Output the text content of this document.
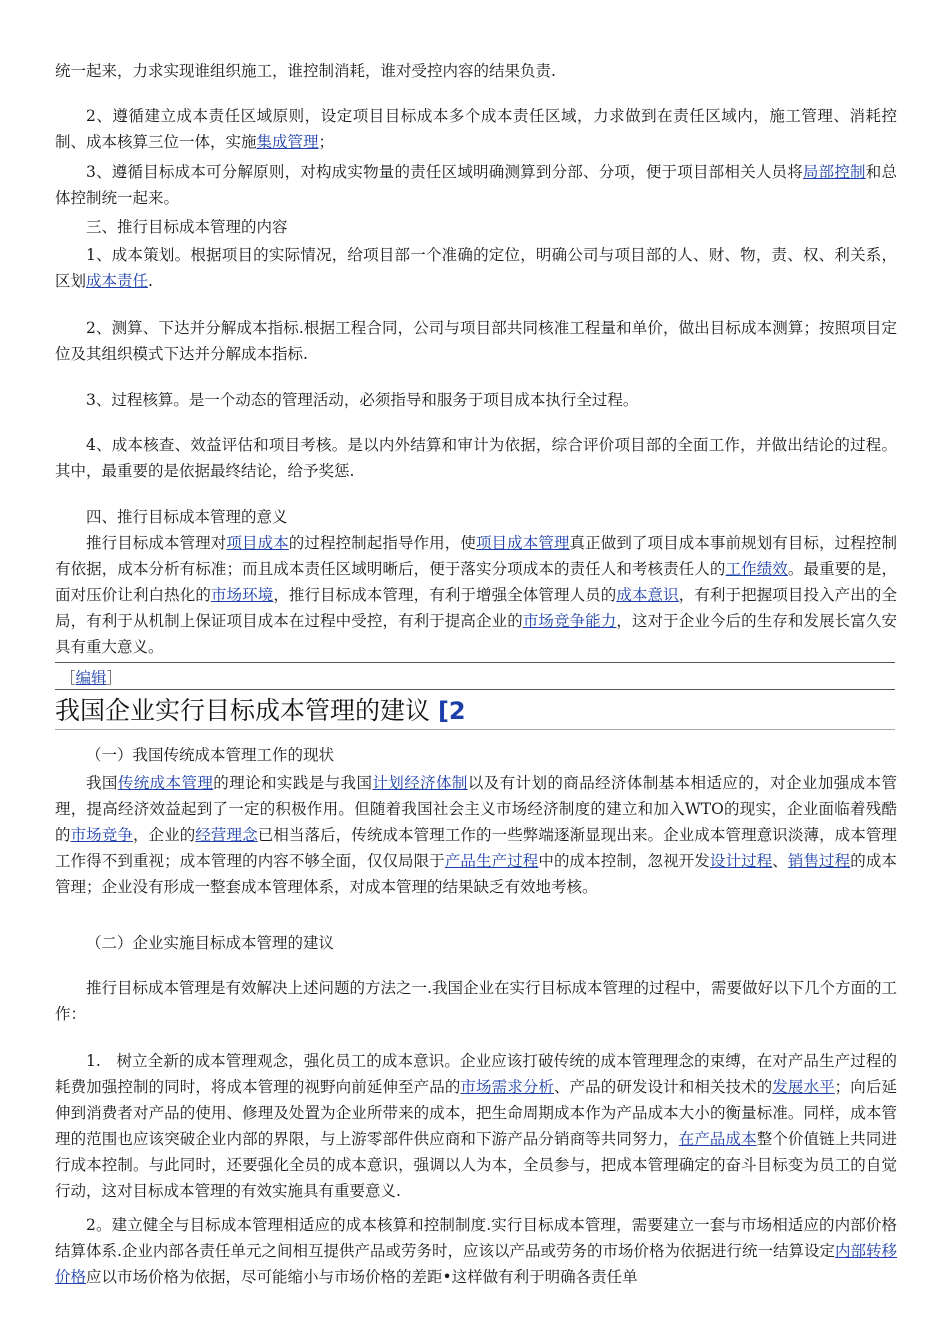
统一起来，力求实现谁组织施工，谁控制消耗，谁对受控内容的结果负责.

2、遵循建立成本责任区域原则，设定项目目标成本多个成本责任区域，力求做到在责任区域内，施工管理、消耗控制、成本核算三位一体，实施集成管理；

3、遵循目标成本可分解原则，对构成实物量的责任区域明确测算到分部、分项，便于项目部相关人员将局部控制和总体控制统一起来。

三、推行目标成本管理的内容

1、成本策划。根据项目的实际情况，给项目部一个准确的定位，明确公司与项目部的人、财、物，责、权、利关系，区划成本责任.

2、测算、下达并分解成本指标.根据工程合同，公司与项目部共同核准工程量和单价，做出目标成本测算；按照项目定位及其组织模式下达并分解成本指标.

3、过程核算。是一个动态的管理活动，必须指导和服务于项目成本执行全过程。

4、成本核查、效益评估和项目考核。是以内外结算和审计为依据，综合评价项目部的全面工作，并做出结论的过程。其中，最重要的是依据最终结论，给予奖惩.

四、推行目标成本管理的意义

推行目标成本管理对项目成本的过程控制起指导作用，使项目成本管理真正做到了项目成本事前规划有目标，过程控制有依据，成本分析有标准；而且成本责任区域明晰后，便于落实分项成本的责任人和考核责任人的工作绩效。最重要的是，面对压价让利白热化的市场环境，推行目标成本管理，有利于增强全体管理人员的成本意识，有利于把握项目投入产出的全局，有利于从机制上保证项目成本在过程中受控，有利于提高企业的市场竞争能力，这对于企业今后的生存和发展长富久安具有重大意义。

（一）我国传统成本管理工作的现状

我国传统成本管理的理论和实践是与我国计划经济体制以及有计划的商品经济体制基本相适应的，对企业加强成本管理，提高经济效益起到了一定的积极作用。但随着我国社会主义市场经济制度的建立和加入WTO的现实，企业面临着残酷的市场竞争，企业的经营理念已相当落后，传统成本管理工作的一些弊端逐渐显现出来。企业成本管理意识淡薄，成本管理工作得不到重视；成本管理的内容不够全面，仅仅局限于产品生产过程中的成本控制，忽视开发设计过程、销售过程的成本管理；企业没有形成一整套成本管理体系，对成本管理的结果缺乏有效地考核。

（二）企业实施目标成本管理的建议

推行目标成本管理是有效解决上述问题的方法之一.我国企业在实行目标成本管理的过程中，需要做好以下几个方面的工作：

1.　树立全新的成本管理观念，强化员工的成本意识。企业应该打破传统的成本管理理念的束缚，在对产品生产过程的耗费加强控制的同时，将成本管理的视野向前延伸至产品的市场需求分析、产品的研发设计和相关技术的发展水平；向后延伸到消费者对产品的使用、修理及处置为企业所带来的成本，把生命周期成本作为产品成本大小的衡量标准。同样，成本管理的范围也应该突破企业内部的界限，与上游零部件供应商和下游产品分销商等共同努力，在产品成本整个价值链上共同进行成本控制。与此同时，还要强化全员的成本意识，强调以人为本，全员参与，把成本管理确定的奋斗目标变为员工的自觉行动，这对目标成本管理的有效实施具有重要意义.

2。建立健全与目标成本管理相适应的成本核算和控制制度.实行目标成本管理，需要建立一套与市场相适应的内部价格结算体系.企业内部各责任单元之间相互提供产品或劳务时，应该以产品或劳务的市场价格为依据进行统一结算设定内部转移价格应以市场价格为依据，尽可能缩小与市场价格的差距•这样做有利于明确各责任单

［编辑］
我国企业实行目标成本管理的建议 [2
